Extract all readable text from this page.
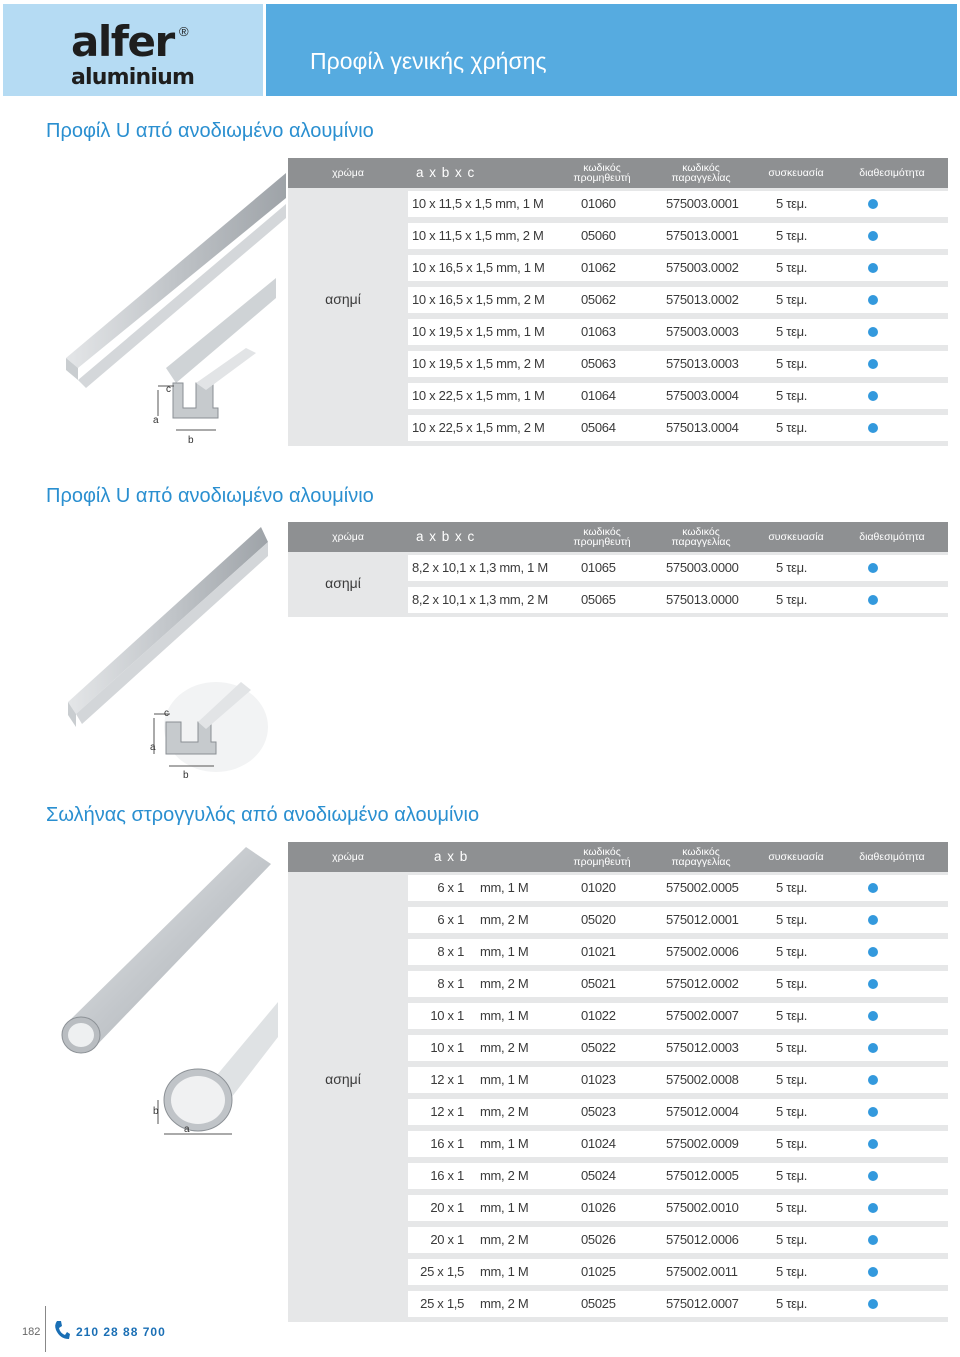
alfer ®
aluminium
Προφίλ γενικής χρήσης
Προφίλ U από ανοδιωμένο αλουμίνιο
c
a
b
χρώμα	a x b x c	κωδικός
προμηθευτή
κωδικός
παραγγελίας	συσκευασία	διαθεσιμότητα
ασημί
10 x 11,5 x 1,5 mm, 1 M	01060	575003.0001	5 τεμ.
10 x 11,5 x 1,5 mm, 2 M	05060	575013.0001	5 τεμ.
10 x 16,5 x 1,5 mm, 1 M	01062	575003.0002	5 τεμ.
10 x 16,5 x 1,5 mm, 2 M	05062	575013.0002	5 τεμ.
10 x 19,5 x 1,5 mm, 1 M	01063	575003.0003	5 τεμ.
10 x 19,5 x 1,5 mm, 2 M	05063	575013.0003	5 τεμ.
10 x 22,5 x 1,5 mm, 1 M	01064	575003.0004	5 τεμ.
10 x 22,5 x 1,5 mm, 2 M	05064	575013.0004	5 τεμ.
Προφίλ U από ανοδιωμένο αλουμίνιο
c
a
b
χρώμα	a x b x c	κωδικός
προμηθευτή
κωδικός
παραγγελίας	συσκευασία	διαθεσιμότητα
ασημί
8,2 x 10,1 x 1,3 mm, 1 M	01065	575003.0000	5 τεμ.
8,2 x 10,1 x 1,3 mm, 2 M	05065	575013.0000	5 τεμ.
Σωλήνας στρογγυλός από ανοδιωμένο αλουμίνιο
b
a
χρώμα	a x b	κωδικός
προμηθευτή
κωδικός
παραγγελίας	συσκευασία	διαθεσιμότητα
ασημί
6 x 1 mm, 1 M	01020	575002.0005	5 τεμ.
6 x 1 mm, 2 M	05020	575012.0001	5 τεμ.
8 x 1 mm, 1 M	01021	575002.0006	5 τεμ.
8 x 1 mm, 2 M	05021	575012.0002	5 τεμ.
10 x 1 mm, 1 M	01022	575002.0007	5 τεμ.
10 x 1 mm, 2 M	05022	575012.0003	5 τεμ.
12 x 1 mm, 1 M	01023	575002.0008	5 τεμ.
12 x 1 mm, 2 M	05023	575012.0004	5 τεμ.
16 x 1 mm, 1 M	01024	575002.0009	5 τεμ.
16 x 1 mm, 2 M	05024	575012.0005	5 τεμ.
20 x 1 mm, 1 M	01026	575002.0010	5 τεμ.
20 x 1 mm, 2 M	05026	575012.0006	5 τεμ.
25 x 1,5 mm, 1 M	01025	575002.0011	5 τεμ.
25 x 1,5 mm, 2 M	05025	575012.0007	5 τεμ.
182	210 28 88 700
